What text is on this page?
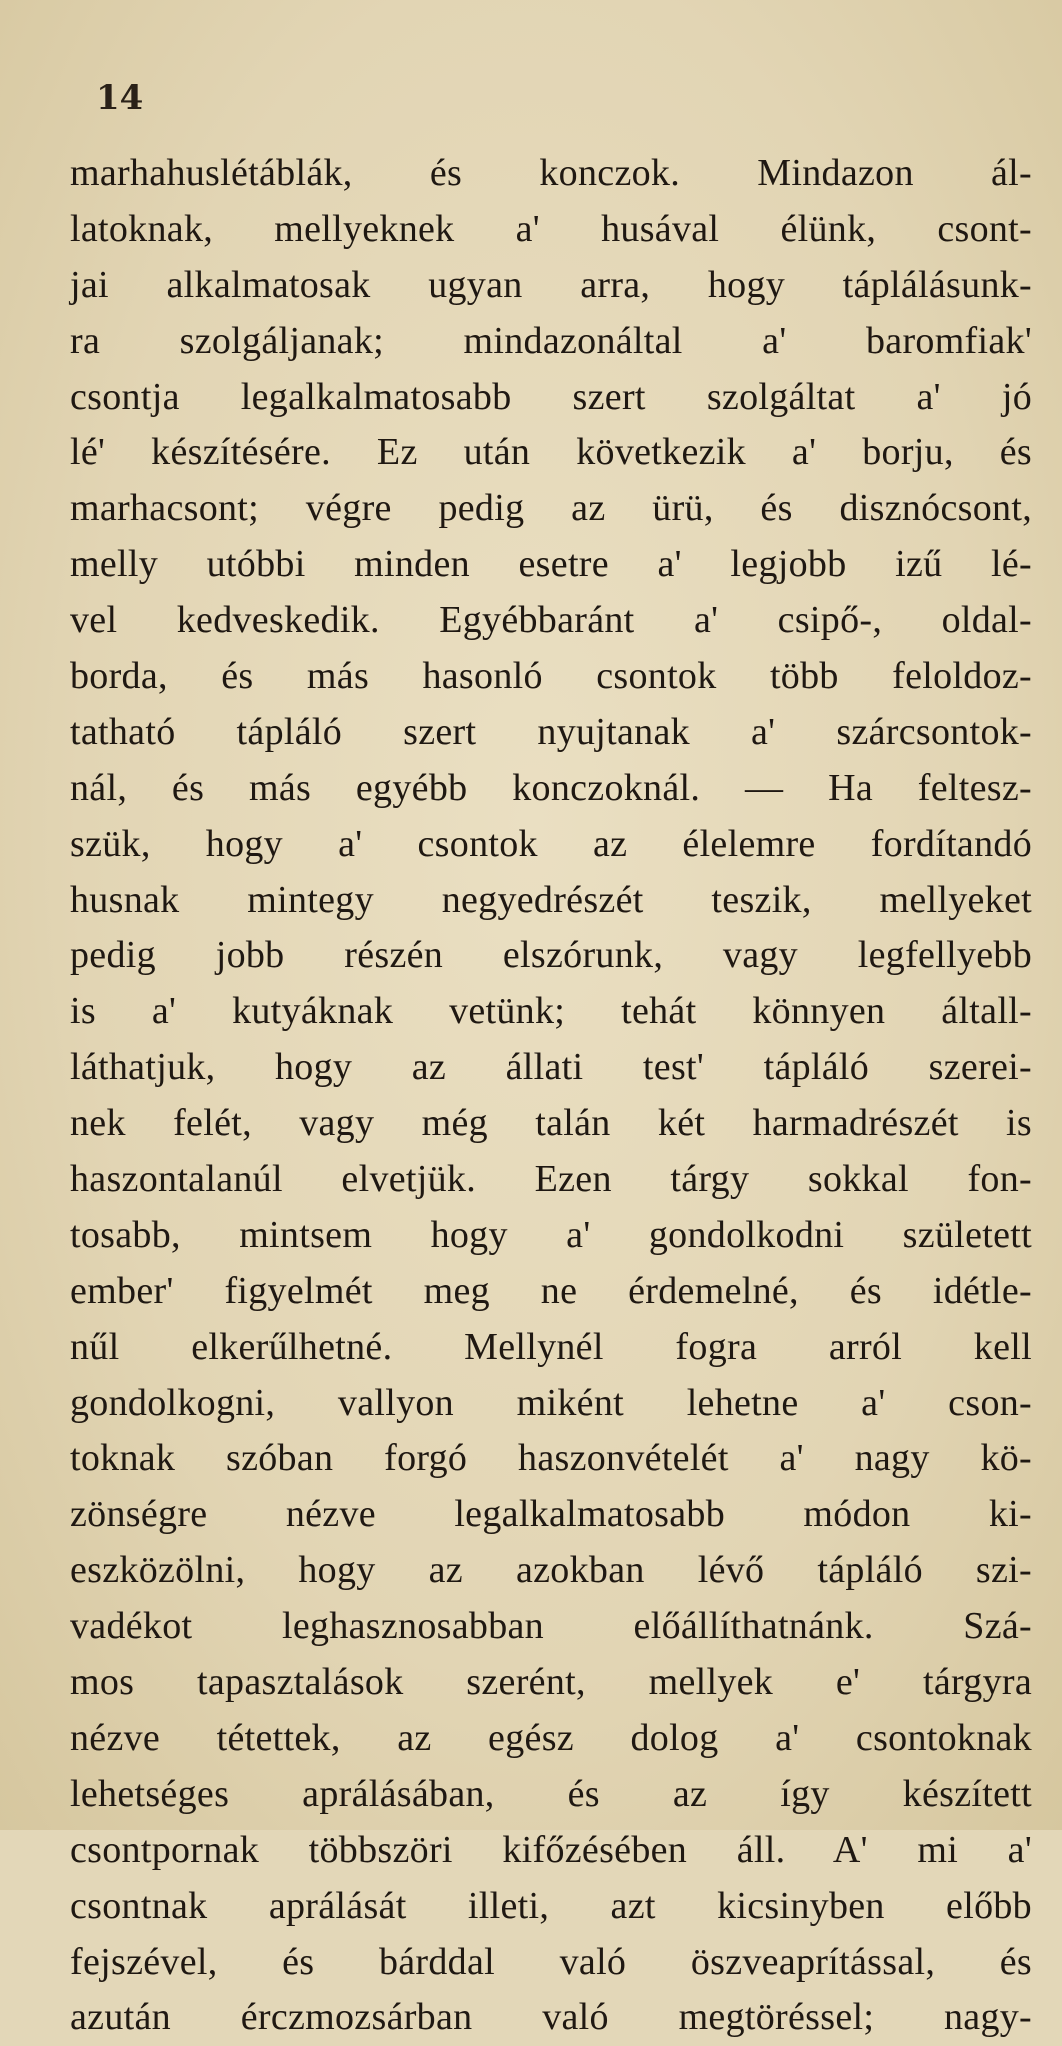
14
marhahuslétáblák, és konczok. Mindazon ál-
latoknak, mellyeknek a' husával élünk, csont-
jai alkalmatosak ugyan arra, hogy táplálásunk-
ra szolgáljanak; mindazonáltal a' baromfiak'
csontja legalkalmatosabb szert szolgáltat a' jó
lé' készítésére. Ez után következik a' borju, és
marhacsont; végre pedig az ürü, és disznócsont,
melly utóbbi minden esetre a' legjobb izű lé-
vel kedveskedik. Egyébbaránt a' csipő-, oldal-
borda, és más hasonló csontok több feloldoz-
tatható tápláló szert nyujtanak a' szárcsontok-
nál, és más egyébb konczoknál. — Ha feltesz-
szük, hogy a' csontok az élelemre fordítandó
husnak mintegy negyedrészét teszik, mellyeket
pedig jobb részén elszórunk, vagy legfellyebb
is a' kutyáknak vetünk; tehát könnyen általl-
láthatjuk, hogy az állati test' tápláló szerei-
nek felét, vagy még talán két harmadrészét is
haszontalanúl elvetjük. Ezen tárgy sokkal fon-
tosabb, mintsem hogy a' gondolkodni született
ember' figyelmét meg ne érdemelné, és idétle-
nűl elkerűlhetné. Mellynél fogra arról kell
gondolkogni, vallyon miként lehetne a' cson-
toknak szóban forgó haszonvételét a' nagy kö-
zönségre nézve legalkalmatosabb módon ki-
eszközölni, hogy az azokban lévő tápláló szi-
vadékot leghasznosabban előállíthatnánk. Szá-
mos tapasztalások szerént, mellyek e' tárgyra
nézve tétettek, az egész dolog a' csontoknak
lehetséges aprálásában, és az így készített
csontpornak többszöri kifőzésében áll. A' mi a'
csontnak aprálását illeti, azt kicsinyben előbb
fejszével, és bárddal való öszveaprítással, és
azután érczmozsárban való megtöréssel; nagy-
